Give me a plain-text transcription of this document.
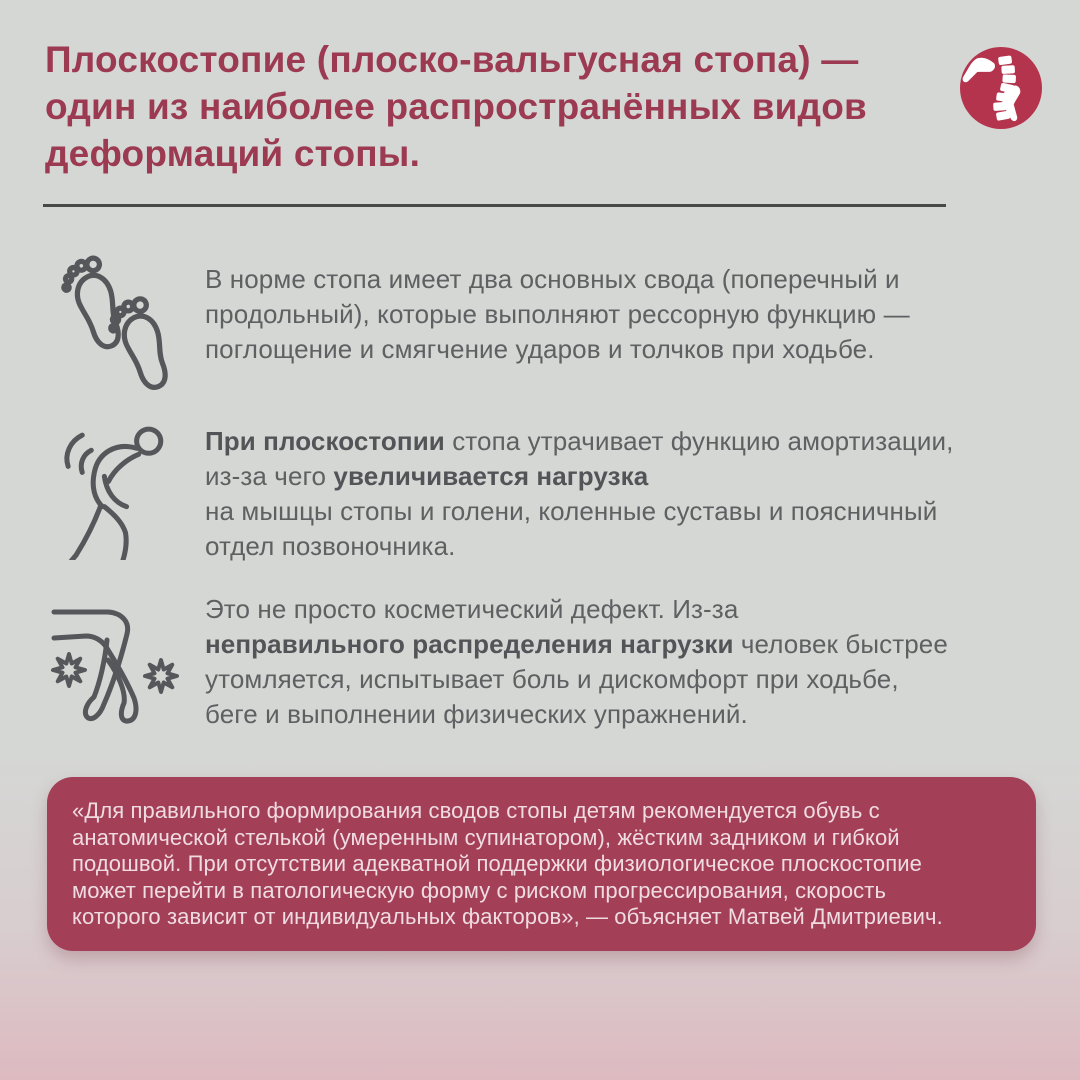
Плоскостопие (плоско-вальгусная стопа) —
один из наиболее распространённых видов
деформаций стопы.
В норме стопа имеет два основных свода (поперечный и
продольный), которые выполняют рессорную функцию —
поглощение и смягчение ударов и толчков при ходьбе.
При плоскостопии стопа утрачивает функцию амортизации,
из-за чего увеличивается нагрузка
на мышцы стопы и голени, коленные суставы и поясничный
отдел позвоночника.
Это не просто косметический дефект. Из-за
неправильного распределения нагрузки человек быстрее
утомляется, испытывает боль и дискомфорт при ходьбе,
беге и выполнении физических упражнений.
«Для правильного формирования сводов стопы детям рекомендуется обувь с
анатомической стелькой (умеренным супинатором), жёстким задником и гибкой
подошвой. При отсутствии адекватной поддержки физиологическое плоскостопие
может перейти в патологическую форму с риском прогрессирования, скорость
которого зависит от индивидуальных факторов», — объясняет Матвей Дмитриевич.
